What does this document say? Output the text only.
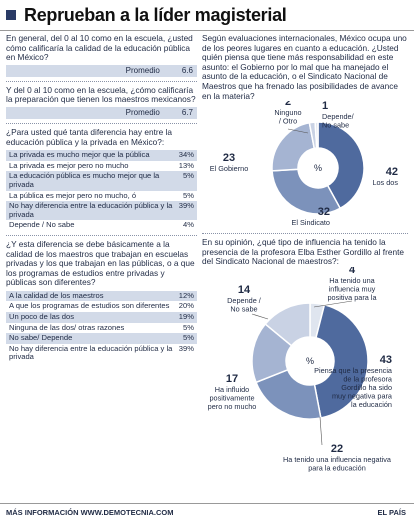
Reprueban a la líder magisterial
En general, del 0 al 10 como en la escuela, ¿usted cómo calificaría la calidad de la educación pública en México?
Promedio	6.6
Y del 0 al 10 como en la escuela, ¿cómo calificaría la preparación que tienen los maestros mexicanos?
Promedio	6.7
¿Para usted qué tanta diferencia hay entre la educación pública y la privada en México?:
La privada es mucho mejor que la pública	34%
La privada es mejor pero no mucho	13%
La educación pública es mucho mejor que la privada
5%
La pública es mejor pero no mucho, ó	5%
No hay diferencia entre la educación pública y la privada
39%
Depende / No sabe	4%
¿Y esta diferencia se debe básicamente a la calidad de los maestros que trabajan en escuelas privadas y los que trabajan en las públicas, o a que los programas de estudios entre privadas y públicas son diferentes?
A la calidad de los maestros	12%
A que los programas de estudios son diferentes	20%
Un poco de las dos	19%
Ninguna de las dos/ otras razones	5%
No sabe/ Depende	5%
No hay diferencia entre la educación pública y la privada
39%
Según evaluaciones internacionales, México ocupa uno de los peores lugares en cuanto a educación. ¿Usted quién piensa que tiene más responsabilidad en este asunto: el Gobierno por lo mal que ha manejado el asunto de la educación, o el Sindicato Nacional de Maestros que ha frenado las posibilidades de avance en la materia?
%	42
Los dos
32
El Sindicato
23
El Gobierno
2
Ninguno / Otro
1
Depende/ No sabe
En su opinión, ¿qué tipo de influencia ha tenido la presencia de la profesora Elba Esther Gordillo al frente del Sindicato Nacional de maestros?:
%
4
Ha tenido una influencia muy positiva para la
43
Piensa que la presencia de la profesora Gordillo ha sido muy negativa para la educación
22
Ha tenido una influencia negativa para la educación
17
Ha influido positivamente pero no mucho
14
Depende / No sabe
MÁS INFORMACIÓN WWW.DEMOTECNIA.COM	EL PAÍS
